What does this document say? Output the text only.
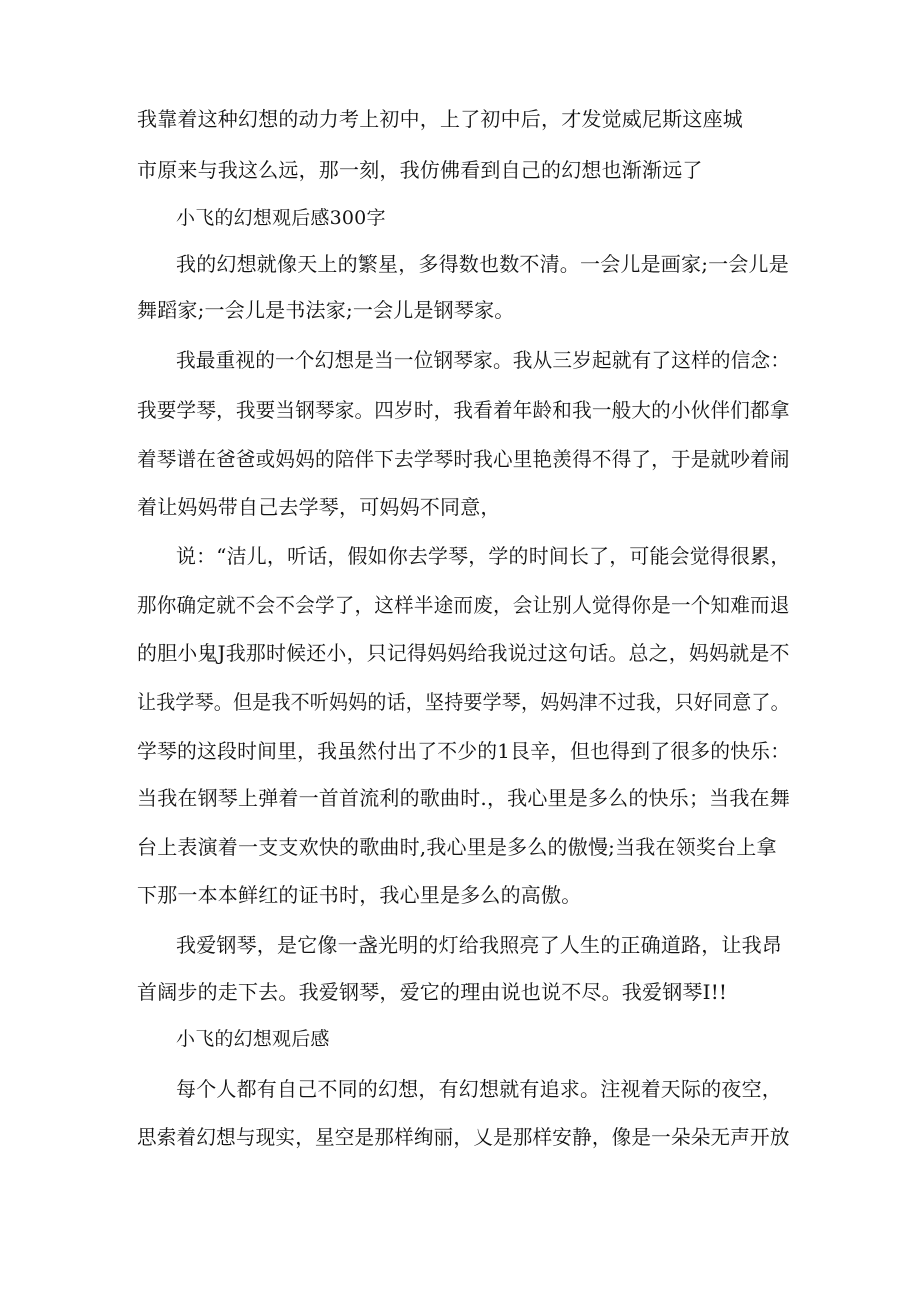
我靠着这种幻想的动力考上初中，上了初中后，才发觉威尼斯这座城
市原来与我这么远，那一刻，我仿佛看到自己的幻想也渐渐远了
小飞的幻想观后感300字
我的幻想就像天上的繁星，多得数也数不清。一会儿是画家;一会儿是
舞蹈家;一会儿是书法家;一会儿是钢琴家。
我最重视的一个幻想是当一位钢琴家。我从三岁起就有了这样的信念：
我要学琴，我要当钢琴家。四岁时，我看着年龄和我一般大的小伙伴们都拿
着琴谱在爸爸或妈妈的陪伴下去学琴时我心里艳羡得不得了，于是就吵着闹
着让妈妈带自己去学琴，可妈妈不同意，
说：“洁儿，听话，假如你去学琴，学的时间长了，可能会觉得很累，
那你确定就不会不会学了，这样半途而废，会让别人觉得你是一个知难而退
的胆小鬼J我那时候还小，只记得妈妈给我说过这句话。总之，妈妈就是不
让我学琴。但是我不听妈妈的话，坚持要学琴，妈妈津不过我，只好同意了。
学琴的这段时间里，我虽然付出了不少的1艮辛，但也得到了很多的快乐：
当我在钢琴上弹着一首首流利的歌曲时.，我心里是多么的快乐；当我在舞
台上表演着一支支欢快的歌曲时,我心里是多么的傲慢;当我在领奖台上拿
下那一本本鲜红的证书时，我心里是多么的高傲。
我爱钢琴，是它像一盏光明的灯给我照亮了人生的正确道路，让我昂
首阔步的走下去。我爱钢琴，爱它的理由说也说不尽。我爱钢琴I!!
小飞的幻想观后感
每个人都有自己不同的幻想，有幻想就有追求。注视着天际的夜空，
思索着幻想与现实，星空是那样绚丽，乂是那样安静，像是一朵朵无声开放
